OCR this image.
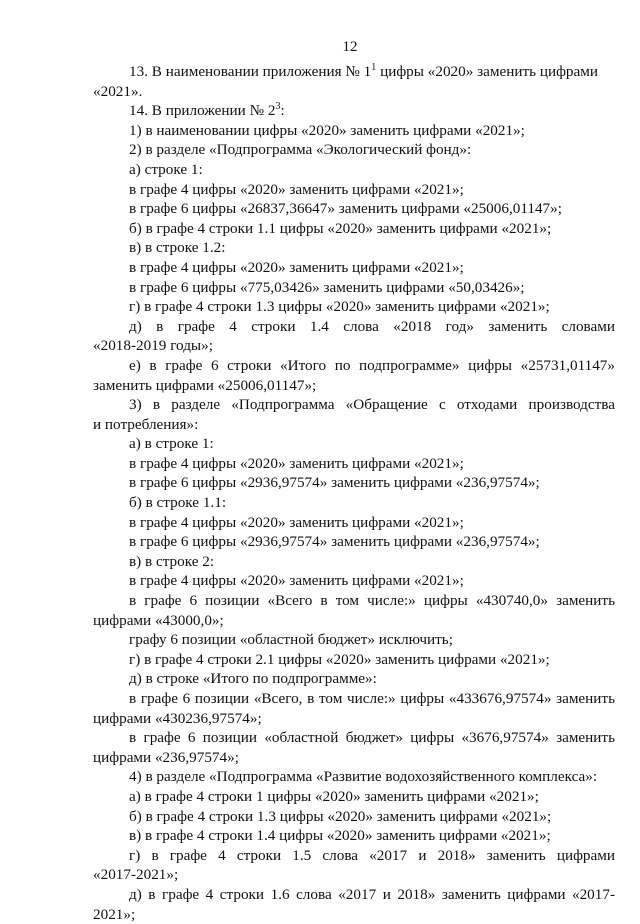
12
13. В наименовании приложения № $1^1$ цифры «2020» заменить цифрами
«2021».
14. В приложении № $2^3$:
1) в наименовании цифры «2020» заменить цифрами «2021»;
2) в разделе «Подпрограмма «Экологический фонд»:
а) строке 1:
в графе 4 цифры «2020» заменить цифрами «2021»;
в графе 6 цифры «26837,36647» заменить цифрами «25006,01147»;
б) в графе 4 строки 1.1 цифры «2020» заменить цифрами «2021»;
в) в строке 1.2:
в графе 4 цифры «2020» заменить цифрами «2021»;
в графе 6 цифры «775,03426» заменить цифрами «50,03426»;
г) в графе 4 строки 1.3 цифры «2020» заменить цифрами «2021»;
д) в графе 4 строки 1.4 слова «2018 год» заменить словами
«2018-2019 годы»;
е) в графе 6 строки «Итого по подпрограмме» цифры «25731,01147»
заменить цифрами «25006,01147»;
3) в разделе «Подпрограмма «Обращение с отходами производства
и потребления»:
а) в строке 1:
в графе 4 цифры «2020» заменить цифрами «2021»;
в графе 6 цифры «2936,97574» заменить цифрами «236,97574»;
б) в строке 1.1:
в графе 4 цифры «2020» заменить цифрами «2021»;
в графе 6 цифры «2936,97574» заменить цифрами «236,97574»;
в) в строке 2:
в графе 4 цифры «2020» заменить цифрами «2021»;
в графе 6 позиции «Всего в том числе:» цифры «430740,0» заменить
цифрами «43000,0»;
графу 6 позиции «областной бюджет» исключить;
г) в графе 4 строки 2.1 цифры «2020» заменить цифрами «2021»;
д) в строке «Итого по подпрограмме»:
в графе 6 позиции «Всего, в том числе:» цифры «433676,97574» заменить
цифрами «430236,97574»;
в графе 6 позиции «областной бюджет» цифры «3676,97574» заменить
цифрами «236,97574»;
4) в разделе «Подпрограмма «Развитие водохозяйственного комплекса»:
а) в графе 4 строки 1 цифры «2020» заменить цифрами «2021»;
б) в графе 4 строки 1.3 цифры «2020» заменить цифрами «2021»;
в) в графе 4 строки 1.4 цифры «2020» заменить цифрами «2021»;
г) в графе 4 строки 1.5 слова «2017 и 2018» заменить цифрами
«2017-2021»;
д) в графе 4 строки 1.6 слова «2017 и 2018» заменить цифрами «2017-
2021»;
